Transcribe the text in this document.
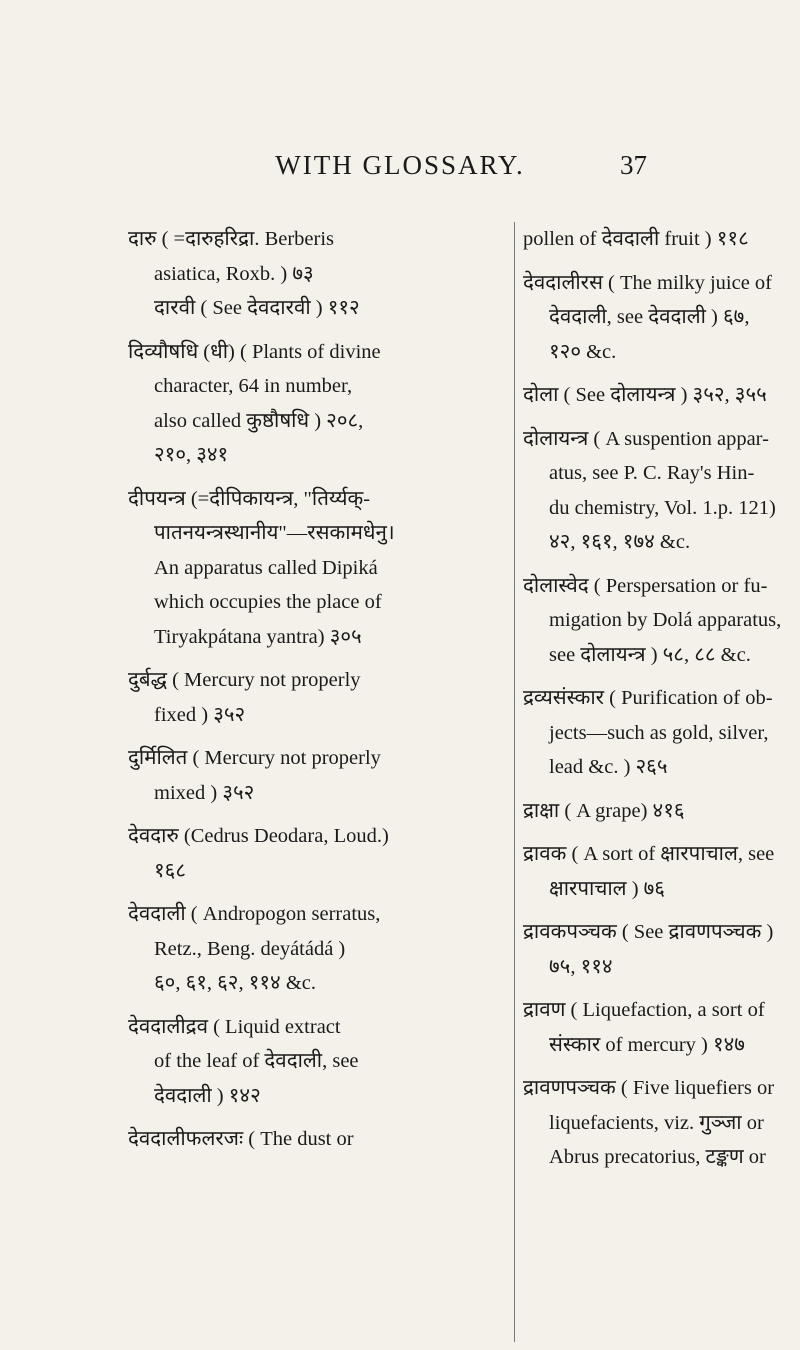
WITH GLOSSARY.	37
दारु ( =दारुहरिद्रा. Berberis
asiatica, Roxb. ) ७३
दारवी ( See देवदारवी ) ११२
दिव्यौषधि (धी) ( Plants of divine
character, 64 in number,
also called कुष्ठौषधि ) २०८,
२१०, ३४१
दीपयन्त्र (=दीपिकायन्त्र, "तिर्य्यक्-
पातनयन्त्रस्थानीय"—रसकामधेनु।
An apparatus called Dipiká
which occupies the place of
Tiryakpátana yantra) ३०५
दुर्बद्ध ( Mercury not properly
fixed ) ३५२
दुर्मिलित ( Mercury not properly
mixed ) ३५२
देवदारु (Cedrus Deodara, Loud.)
१६८
देवदाली ( Andropogon serratus,
Retz., Beng. deyátádá )
६०, ६१, ६२, ११४ &c.
देवदालीद्रव ( Liquid extract
of the leaf of देवदाली, see
देवदाली ) १४२
देवदालीफलरजः ( The dust or
pollen of देवदाली fruit ) ११८
देवदालीरस ( The milky juice of
देवदाली, see देवदाली ) ६७,
१२० &c.
दोला ( See दोलायन्त्र ) ३५२, ३५५
दोलायन्त्र ( A suspention appar-
atus, see P. C. Ray's Hin-
du chemistry, Vol. 1.p. 121)
४२, १६१, १७४ &c.
दोलास्वेद ( Perspersation or fu-
migation by Dolá apparatus,
see दोलायन्त्र ) ५८, ८८ &c.
द्रव्यसंस्कार ( Purification of ob-
jects—such as gold, silver,
lead &c. ) २६५
द्राक्षा ( A grape) ४१६
द्रावक ( A sort of क्षारपाचाल, see
क्षारपाचाल ) ७६
द्रावकपञ्चक ( See द्रावणपञ्चक )
७५, ११४
द्रावण ( Liquefaction, a sort of
संस्कार of mercury ) १४७
द्रावणपञ्चक ( Five liquefiers or
liquefacients, viz. गुञ्जा or
Abrus precatorius, टङ्कण or
